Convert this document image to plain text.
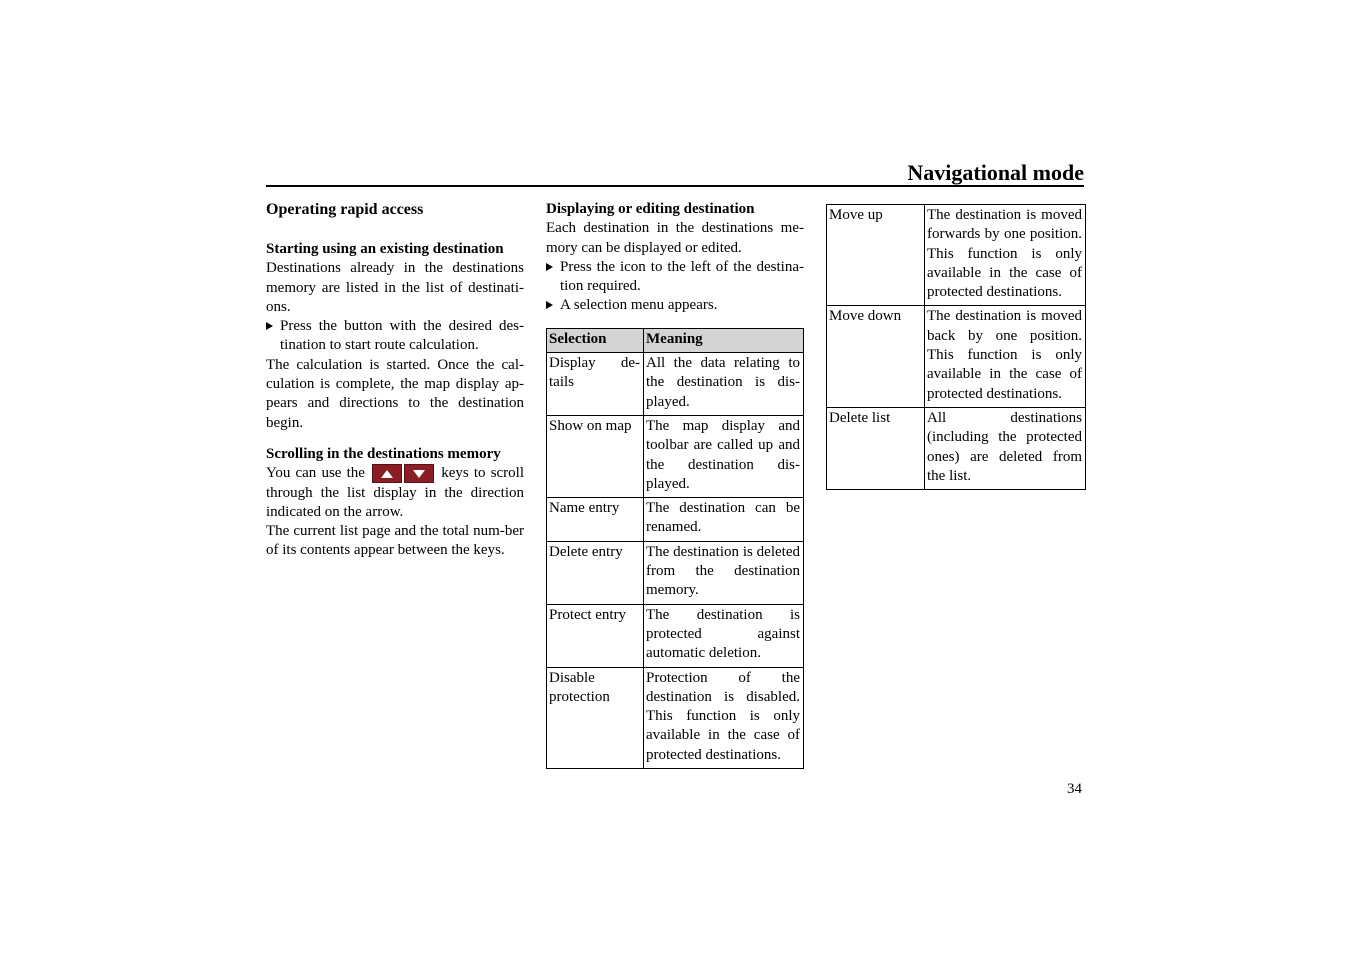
Navigational mode
Operating rapid access
Starting using an existing destination

Destinations already in the destinations memory are listed in the list of destinati-ons.

Press the button with the desired des-tination to start route calculation.

The calculation is started. Once the cal-culation is complete, the map display ap-pears and directions to the destination begin.

Scrolling in the destinations memory

You can use the	keys to scroll through the list display in the direction indicated on the arrow.

The current list page and the total num-ber of its contents appear between the keys.

Displaying or editing destination

Each destination in the destinations me-mory can be displayed or edited.

Press the icon to the left of the destina-tion required.
A selection menu appears.
Selection	Meaning
Display de-tails	All the data relating to the destination is dis-played.
Show on map	The map display and toolbar are called up and the destination dis-played.
Name entry	The destination can be renamed.
Delete entry	The destination is deleted from the destination memory.
Protect entry	The destination is protected against automatic deletion.
Disable protection	Protection of the destination is disabled. This function is only available in the case of protected destinations.
Move up	The destination is moved forwards by one position. This function is only available in the case of protected destinations.
Move down	The destination is moved back by one position. This function is only available in the case of protected destinations.
Delete list	All destinations (including the protected ones) are deleted from the list.
34
